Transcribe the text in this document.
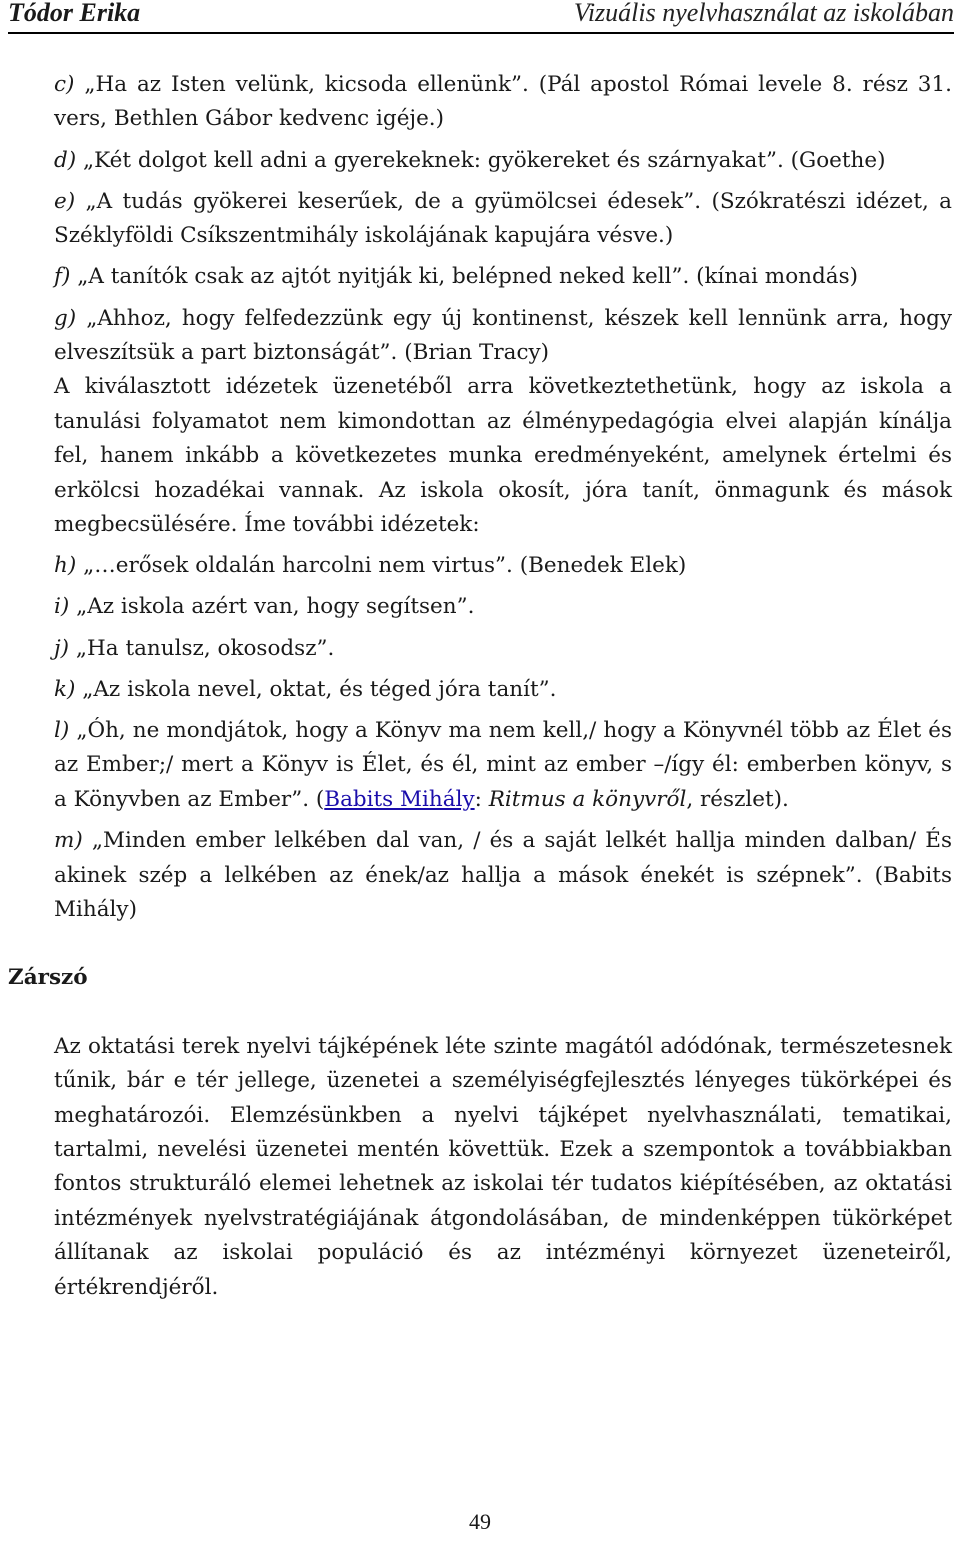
Tódor Erika	Vizuális nyelvhasználat az iskolában

c) „Ha az Isten velünk, kicsoda ellenünk”. (Pál apostol Római levele 8. rész 31. vers, Bethlen Gábor kedvenc igéje.)

d) „Két dolgot kell adni a gyerekeknek: gyökereket és szárnyakat”. (Goethe)

e) „A tudás gyökerei keserűek, de a gyümölcsei édesek”. (Szókratészi idézet, a Széklyföldi Csíkszentmihály iskolájának kapujára vésve.)

f) „A tanítók csak az ajtót nyitják ki, belépned neked kell”. (kínai mondás)

g) „Ahhoz, hogy felfedezzünk egy új kontinenst, készek kell lennünk arra, hogy elveszítsük a part biztonságát”. (Brian Tracy)

A kiválasztott idézetek üzenetéből arra következtethetünk, hogy az iskola a tanulási folyamatot nem kimondottan az élménypedagógia elvei alapján kínálja fel, hanem inkább a következetes munka eredményeként, amelynek értelmi és erkölcsi hozadékai vannak. Az iskola okosít, jóra tanít, önmagunk és mások megbecsülésére. Íme további idézetek:

h) „…erősek oldalán harcolni nem virtus”. (Benedek Elek)

i) „Az iskola azért van, hogy segítsen”.

j) „Ha tanulsz, okosodsz”.

k) „Az iskola nevel, oktat, és téged jóra tanít”.

l) „Óh, ne mondjátok, hogy a Könyv ma nem kell,/ hogy a Könyvnél több az Élet és az Ember;/ mert a Könyv is Élet, és él, mint az ember –/így él: emberben könyv, s a Könyvben az Ember”. (Babits Mihály: Ritmus a könyvről, részlet).

m) „Minden ember lelkében dal van, / és a saját lelkét hallja minden dalban/ És akinek szép a lelkében az ének/az hallja a mások énekét is szépnek”. (Babits Mihály)

Zárszó

Az oktatási terek nyelvi tájképének léte szinte magától adódónak, természetesnek tűnik, bár e tér jellege, üzenetei a személyiségfejlesztés lényeges tükörképei és meghatározói. Elemzésünkben a nyelvi tájképet nyelvhasználati, tematikai, tartalmi, nevelési üzenetei mentén követtük. Ezek a szempontok a továbbiakban fontos strukturáló elemei lehetnek az iskolai tér tudatos kiépítésében, az oktatási intézmények nyelvstratégiájának átgondolásában, de mindenképpen tükörképet állítanak az iskolai populáció és az intézményi környezet üzeneteiről, értékrendjéről.

49
